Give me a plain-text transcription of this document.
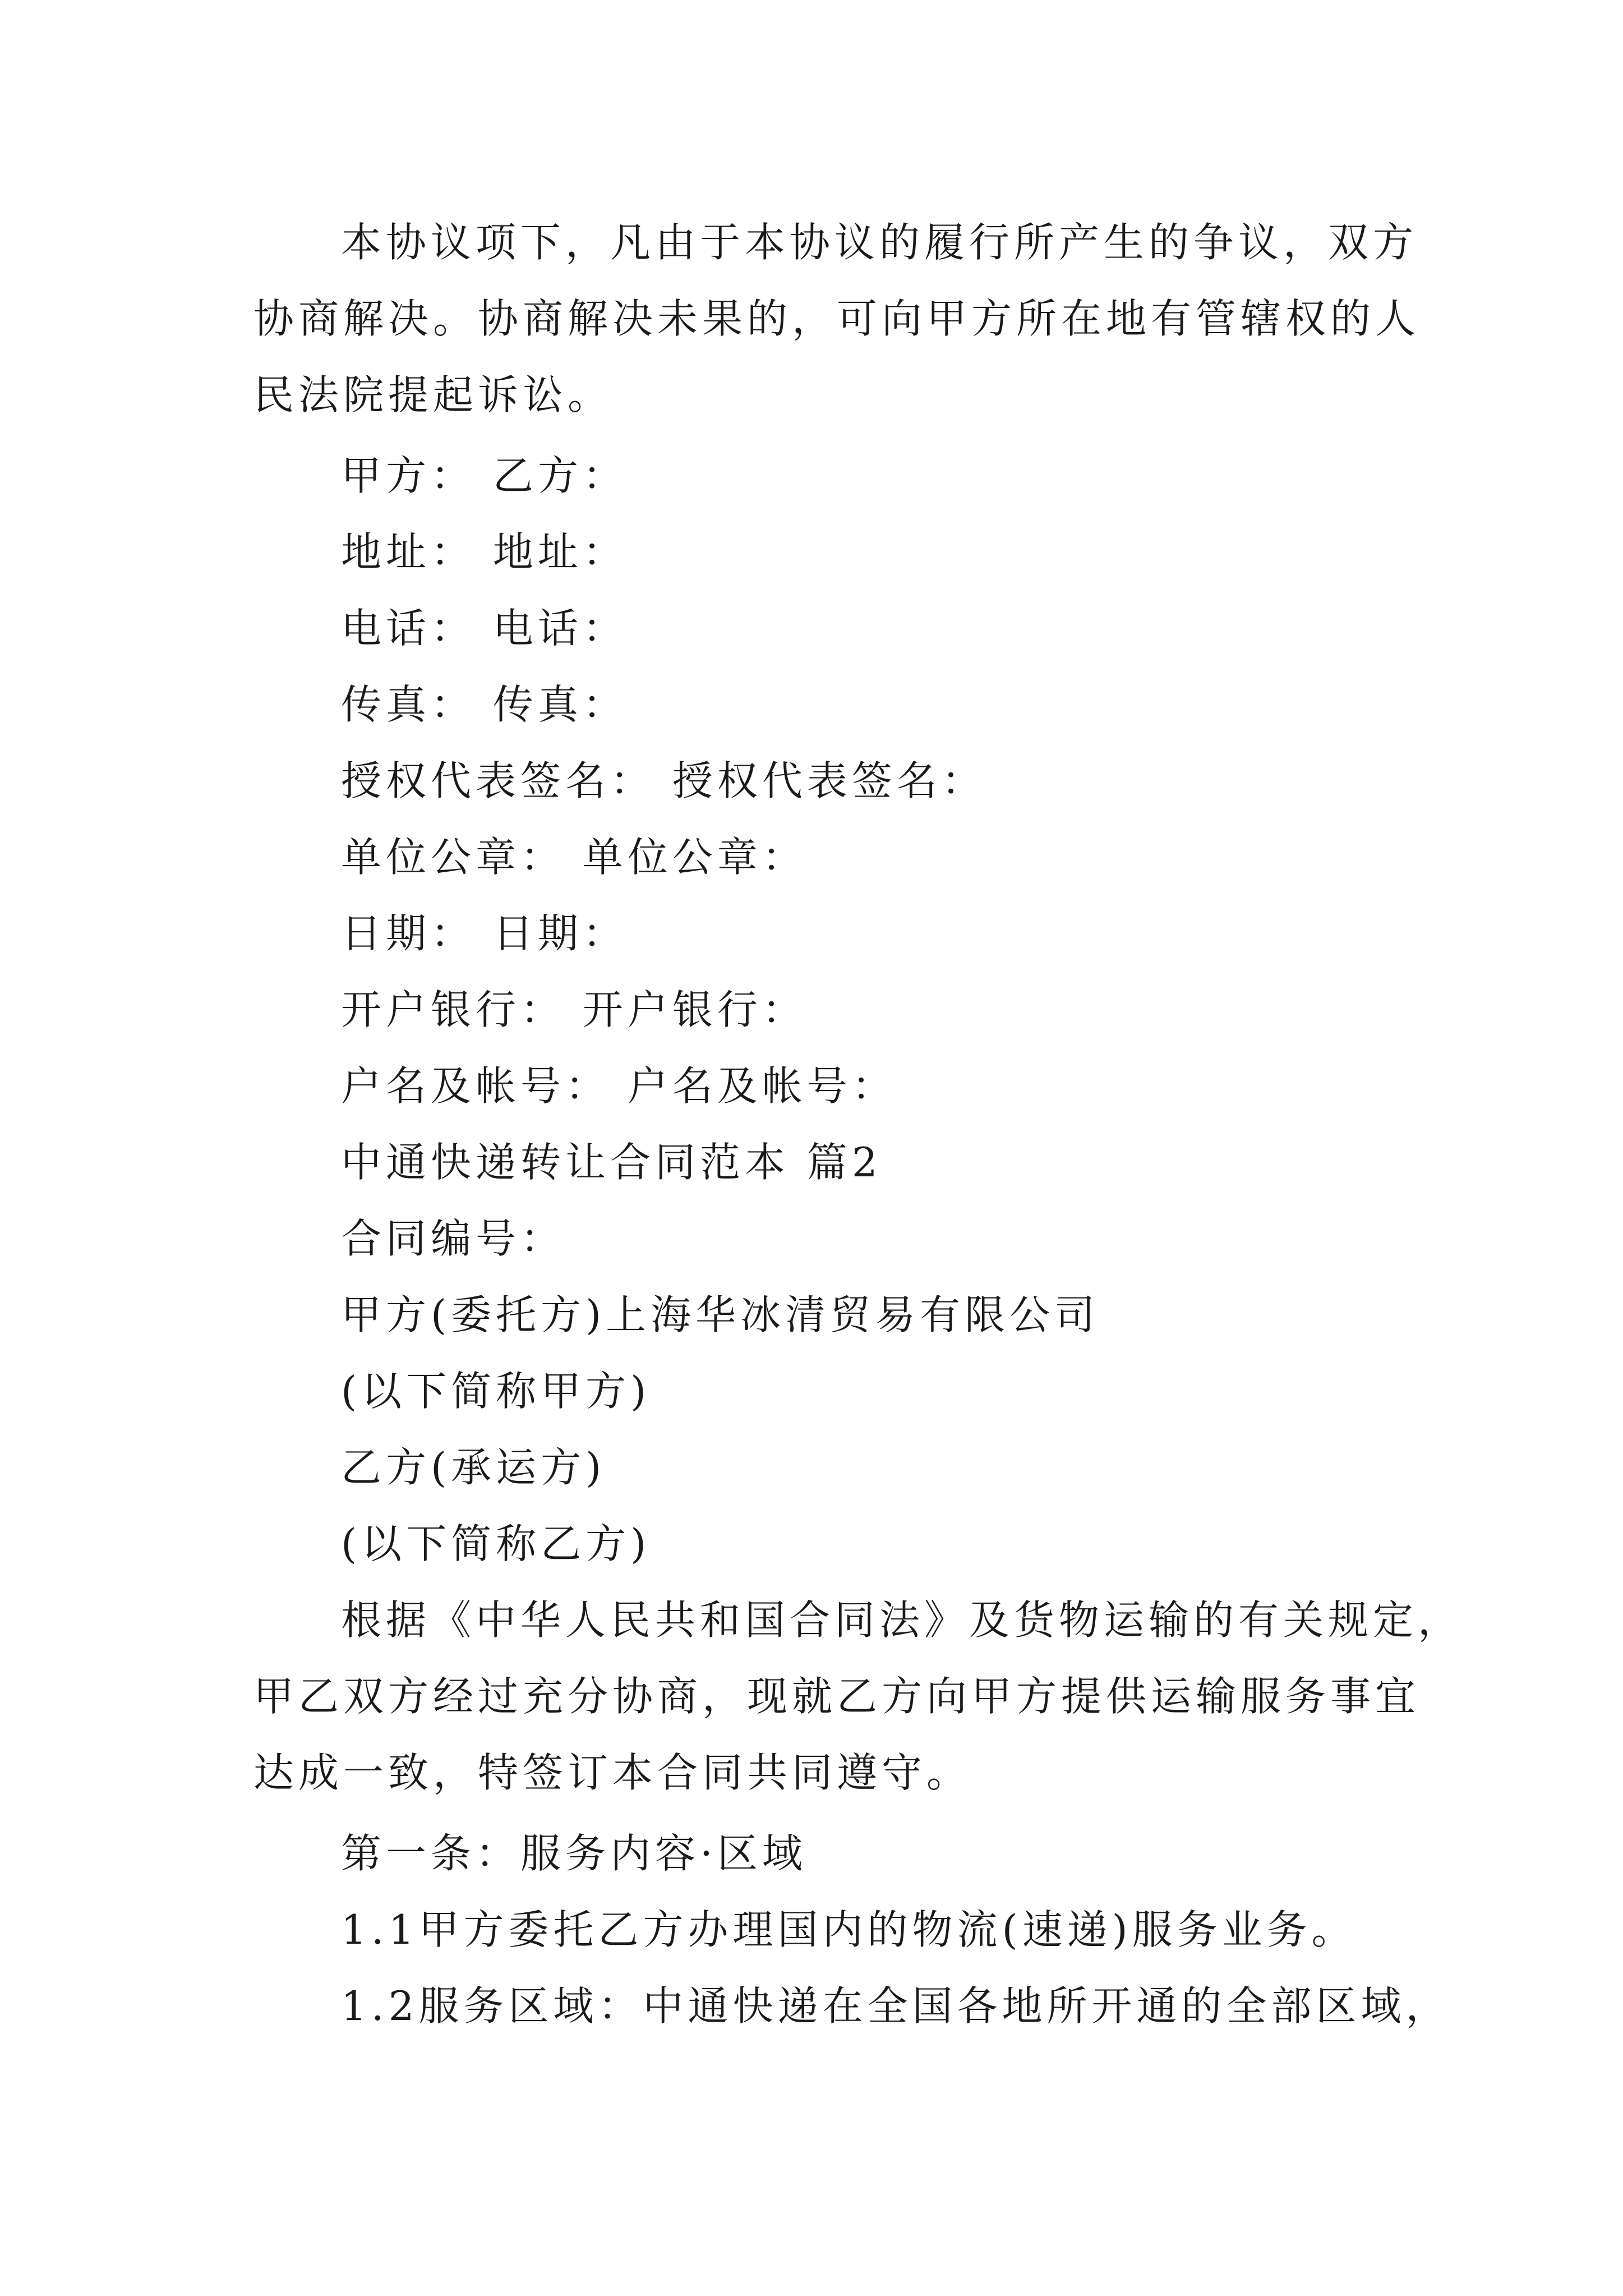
本协议项下，凡由于本协议的履行所产生的争议，双方
协商解决。协商解决未果的，可向甲方所在地有管辖权的人
民法院提起诉讼。
甲方： 乙方：
地址： 地址：
电话： 电话：
传真： 传真：
授权代表签名： 授权代表签名：
单位公章： 单位公章：
日期： 日期：
开户银行： 开户银行：
户名及帐号： 户名及帐号：
中通快递转让合同范本 篇2
合同编号：
甲方(委托方)上海华冰清贸易有限公司
(以下简称甲方)
乙方(承运方)
(以下简称乙方)
根据《中华人民共和国合同法》及货物运输的有关规定，
甲乙双方经过充分协商，现就乙方向甲方提供运输服务事宜
达成一致，特签订本合同共同遵守。
第一条：服务内容·区域
1.1甲方委托乙方办理国内的物流(速递)服务业务。
1.2服务区域：中通快递在全国各地所开通的全部区域，
